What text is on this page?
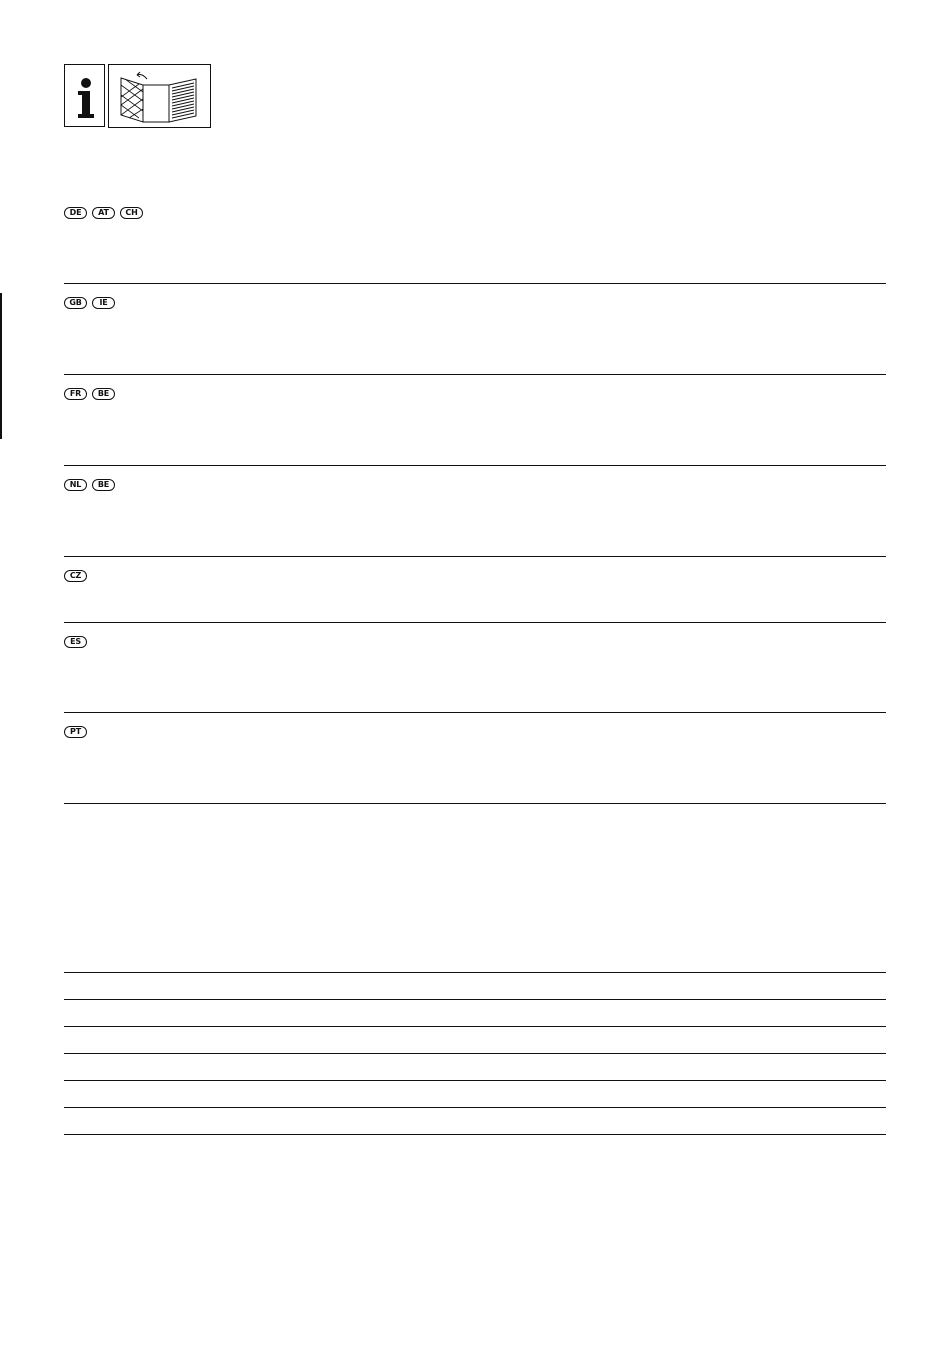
DE	AT	CH
GB	IE
FR	BE
NL	BE
CZ
ES
PT
